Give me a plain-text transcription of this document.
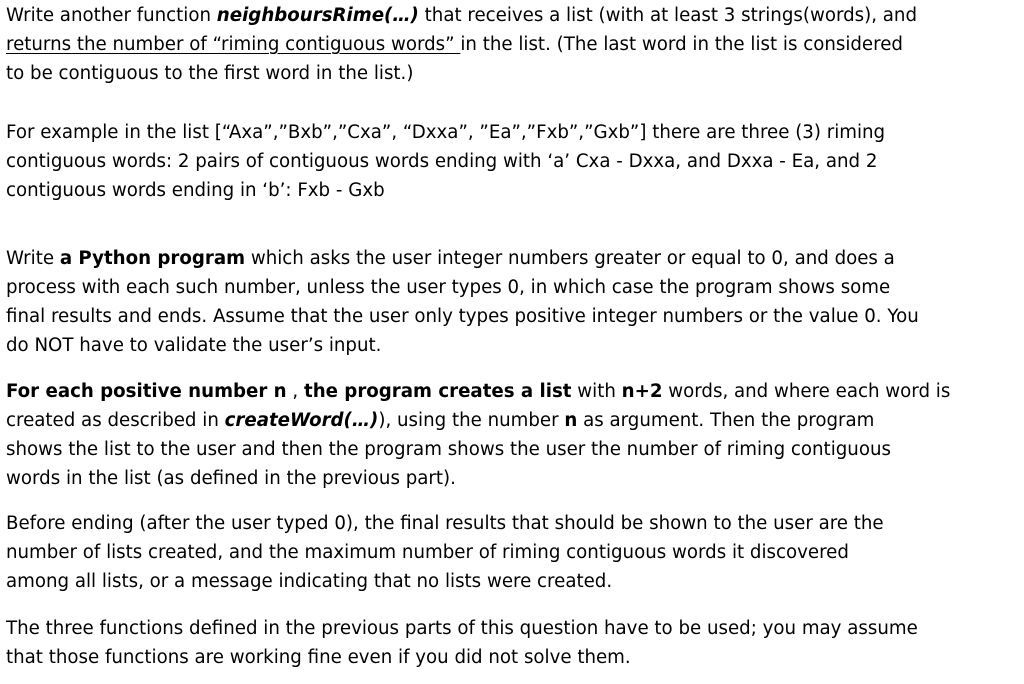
Write another function neighboursRime(…) that receives a list (with at least 3 strings(words), and
returns the number of “riming contiguous words” in the list. (The last word in the list is considered
to be contiguous to the first word in the list.)
For example in the list [“Axa”,”Bxb”,”Cxa”, “Dxxa”, ”Ea”,”Fxb”,”Gxb”] there are three (3) riming
contiguous words: 2 pairs of contiguous words ending with ‘a’ Cxa - Dxxa, and Dxxa - Ea, and 2
contiguous words ending in ‘b’: Fxb - Gxb
Write a Python program which asks the user integer numbers greater or equal to 0, and does a
process with each such number, unless the user types 0, in which case the program shows some
final results and ends. Assume that the user only types positive integer numbers or the value 0. You
do NOT have to validate the user’s input.
For each positive number n , the program creates a list with n+2 words, and where each word is
created as described in createWord(…)), using the number n as argument. Then the program
shows the list to the user and then the program shows the user the number of riming contiguous
words in the list (as defined in the previous part).
Before ending (after the user typed 0), the final results that should be shown to the user are the
number of lists created, and the maximum number of riming contiguous words it discovered
among all lists, or a message indicating that no lists were created.
The three functions defined in the previous parts of this question have to be used; you may assume
that those functions are working fine even if you did not solve them.
